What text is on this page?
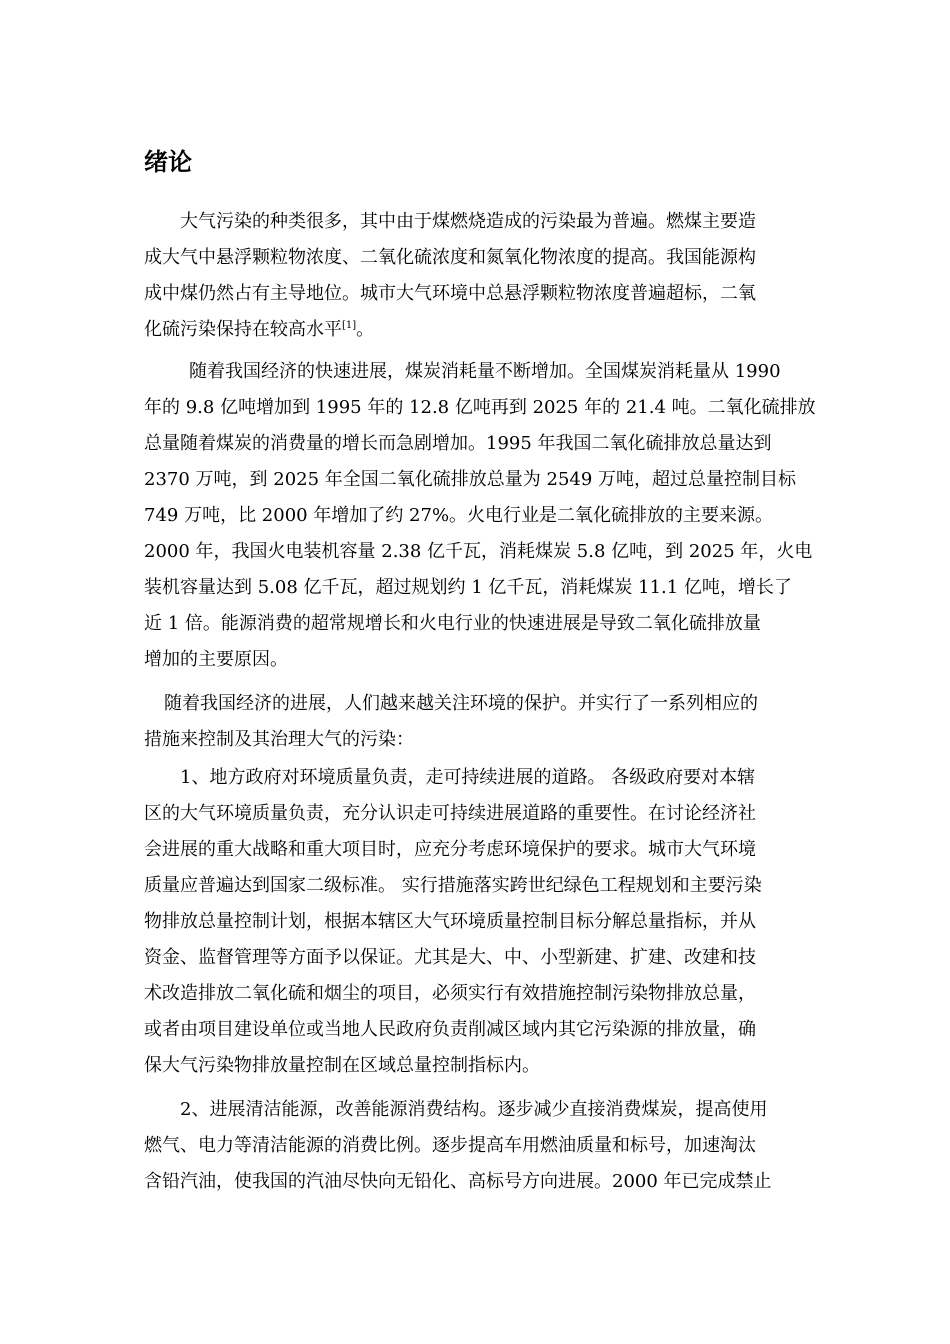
绪论
大气污染的种类很多，其中由于煤燃烧造成的污染最为普遍。燃煤主要造
成大气中悬浮颗粒物浓度、二氧化硫浓度和氮氧化物浓度的提高。我国能源构
成中煤仍然占有主导地位。城市大气环境中总悬浮颗粒物浓度普遍超标，二氧
化硫污染保持在较高水平[1]。
随着我国经济的快速进展，煤炭消耗量不断增加。全国煤炭消耗量从 1990
年的 9.8 亿吨增加到 1995 年的 12.8 亿吨再到 2025 年的 21.4 吨。二氧化硫排放
总量随着煤炭的消费量的增长而急剧增加。1995 年我国二氧化硫排放总量达到
2370 万吨，到 2025 年全国二氧化硫排放总量为 2549 万吨，超过总量控制目标
749 万吨，比 2000 年增加了约 27%。火电行业是二氧化硫排放的主要来源。
2000 年，我国火电装机容量 2.38 亿千瓦，消耗煤炭 5.8 亿吨，到 2025 年，火电
装机容量达到 5.08 亿千瓦，超过规划约 1 亿千瓦，消耗煤炭 11.1 亿吨，增长了
近 1 倍。能源消费的超常规增长和火电行业的快速进展是导致二氧化硫排放量
增加的主要原因。
随着我国经济的进展，人们越来越关注环境的保护。并实行了一系列相应的
措施来控制及其治理大气的污染：
1、地方政府对环境质量负责，走可持续进展的道路。 各级政府要对本辖
区的大气环境质量负责，充分认识走可持续进展道路的重要性。在讨论经济社
会进展的重大战略和重大项目时，应充分考虑环境保护的要求。城市大气环境
质量应普遍达到国家二级标准。 实行措施落实跨世纪绿色工程规划和主要污染
物排放总量控制计划，根据本辖区大气环境质量控制目标分解总量指标，并从
资金、监督管理等方面予以保证。尤其是大、中、小型新建、扩建、改建和技
术改造排放二氧化硫和烟尘的项目，必须实行有效措施控制污染物排放总量，
或者由项目建设单位或当地人民政府负责削减区域内其它污染源的排放量，确
保大气污染物排放量控制在区域总量控制指标内。
2、进展清洁能源，改善能源消费结构。逐步减少直接消费煤炭，提高使用
燃气、电力等清洁能源的消费比例。逐步提高车用燃油质量和标号，加速淘汰
含铅汽油，使我国的汽油尽快向无铅化、高标号方向进展。2000 年已完成禁止
